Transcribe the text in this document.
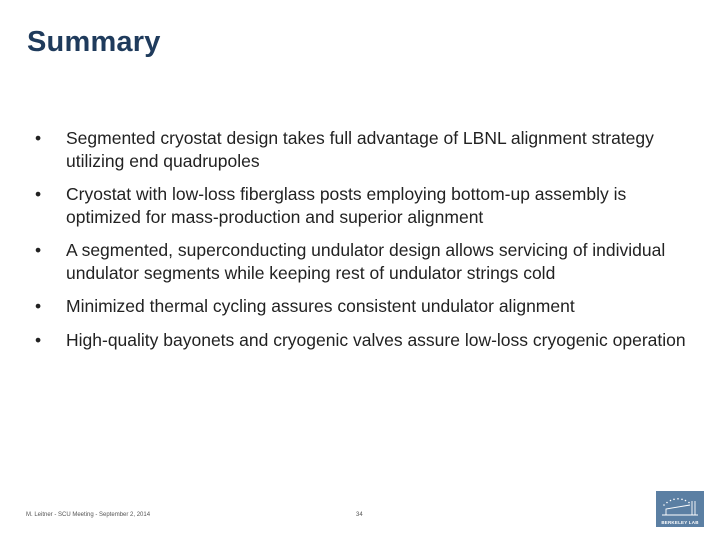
Summary
• Segmented cryostat design takes full advantage of LBNL alignment strategy utilizing end quadrupoles
• Cryostat with low-loss fiberglass posts employing bottom-up assembly is optimized for mass-production and superior alignment
• A segmented, superconducting undulator design allows servicing of individual undulator segments while keeping rest of undulator strings cold
• Minimized thermal cycling assures consistent undulator alignment
• High-quality bayonets and cryogenic valves assure low-loss cryogenic operation
M. Leitner - SCU Meeting - September 2, 2014	34
BERKELEY LAB
